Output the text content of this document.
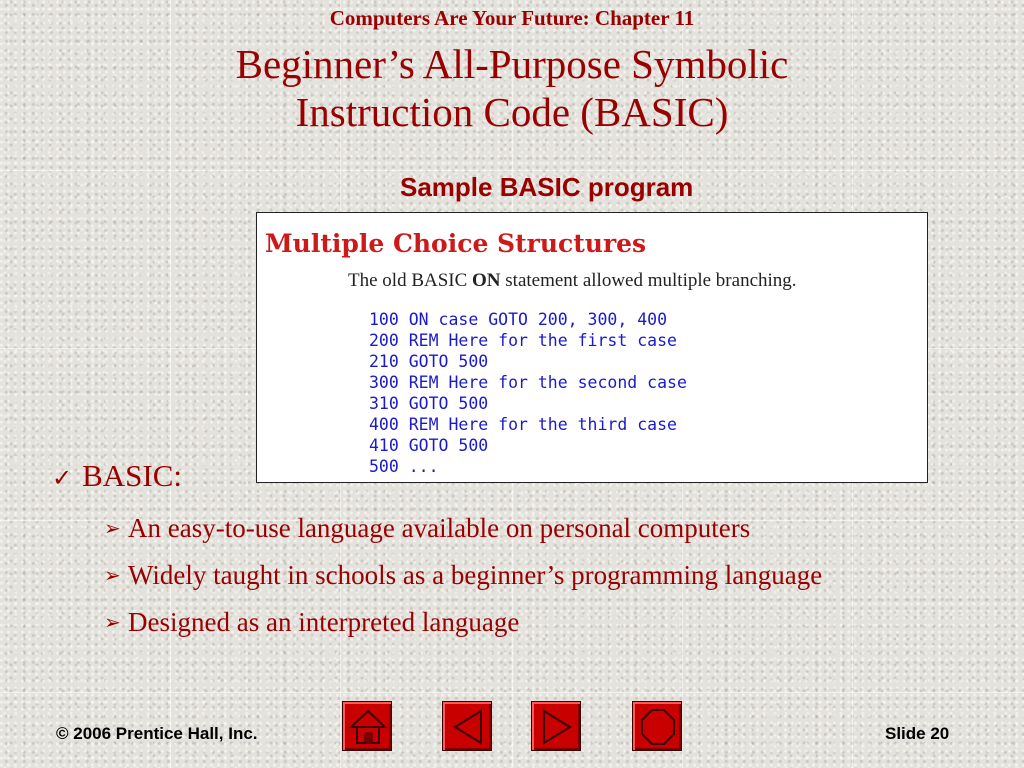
Computers Are Your Future: Chapter 11
Beginner’s All-Purpose Symbolic
Instruction Code (BASIC)
Sample BASIC program
Multiple Choice Structures
The old BASIC ON statement allowed multiple branching.
100 ON case GOTO 200, 300, 400
200 REM Here for the first case
210 GOTO 500
300 REM Here for the second case
310 GOTO 500
400 REM Here for the third case
410 GOTO 500
500 ...
✓ BASIC:
➢ An easy-to-use language available on personal computers
➢ Widely taught in schools as a beginner’s programming language
➢ Designed as an interpreted language
© 2006 Prentice Hall, Inc.	Slide 20
